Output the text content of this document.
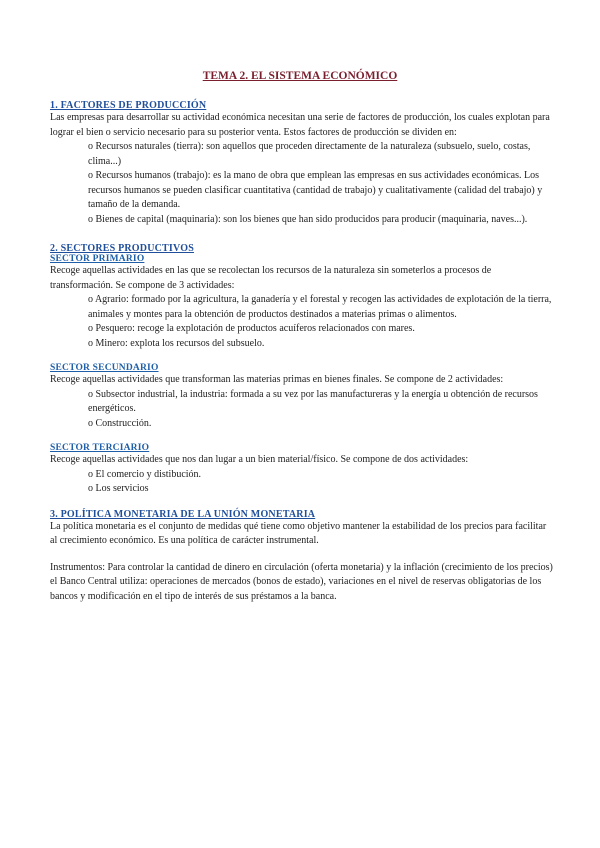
TEMA 2. EL SISTEMA ECONÓMICO
1. FACTORES DE PRODUCCIÓN

Las empresas para desarrollar su actividad económica necesitan una serie de factores de producción, los cuales explotan para lograr el bien o servicio necesario para su posterior venta. Estos factores de producción se dividen en:

o Recursos naturales (tierra): son aquellos que proceden directamente de la naturaleza (subsuelo, suelo, costas, clima...)

o Recursos humanos (trabajo): es la mano de obra que emplean las empresas en sus actividades económicas. Los recursos humanos se pueden clasificar cuantitativa (cantidad de trabajo) y cualitativamente (calidad del trabajo) y tamaño de la demanda.

o Bienes de capital (maquinaria): son los bienes que han sido producidos para producir (maquinaria, naves...).

2. SECTORES PRODUCTIVOS
SECTOR PRIMARIO

Recoge aquellas actividades en las que se recolectan los recursos de la naturaleza sin someterlos a procesos de transformación. Se compone de 3 actividades:

o Agrario: formado por la agricultura, la ganadería y el forestal y recogen las actividades de explotación de la tierra, animales y montes para la obtención de productos destinados a materias primas o alimentos.

o Pesquero: recoge la explotación de productos acuíferos relacionados con mares.

o Minero: explota los recursos del subsuelo.

SECTOR SECUNDARIO

Recoge aquellas actividades que transforman las materias primas en bienes finales. Se compone de 2 actividades:

o Subsector industrial, la industria: formada a su vez por las manufactureras y la energía u obtención de recursos energéticos.

o Construcción.

SECTOR TERCIARIO

Recoge aquellas actividades que nos dan lugar a un bien material/físico. Se compone de dos actividades:

o El comercio y distibución.

o Los servicios

3. POLÍTICA MONETARIA DE LA UNIÓN MONETARIA

La política monetaria es el conjunto de medidas qué tiene como objetivo mantener la estabilidad de los precios para facilitar al crecimiento económico. Es una política de carácter instrumental.

Instrumentos: Para controlar la cantidad de dinero en circulación (oferta monetaria) y la inflación (crecimiento de los precios) el Banco Central utiliza: operaciones de mercados (bonos de estado), variaciones en el nivel de reservas obligatorias de los bancos y modificación en el tipo de interés de sus préstamos a la banca.
